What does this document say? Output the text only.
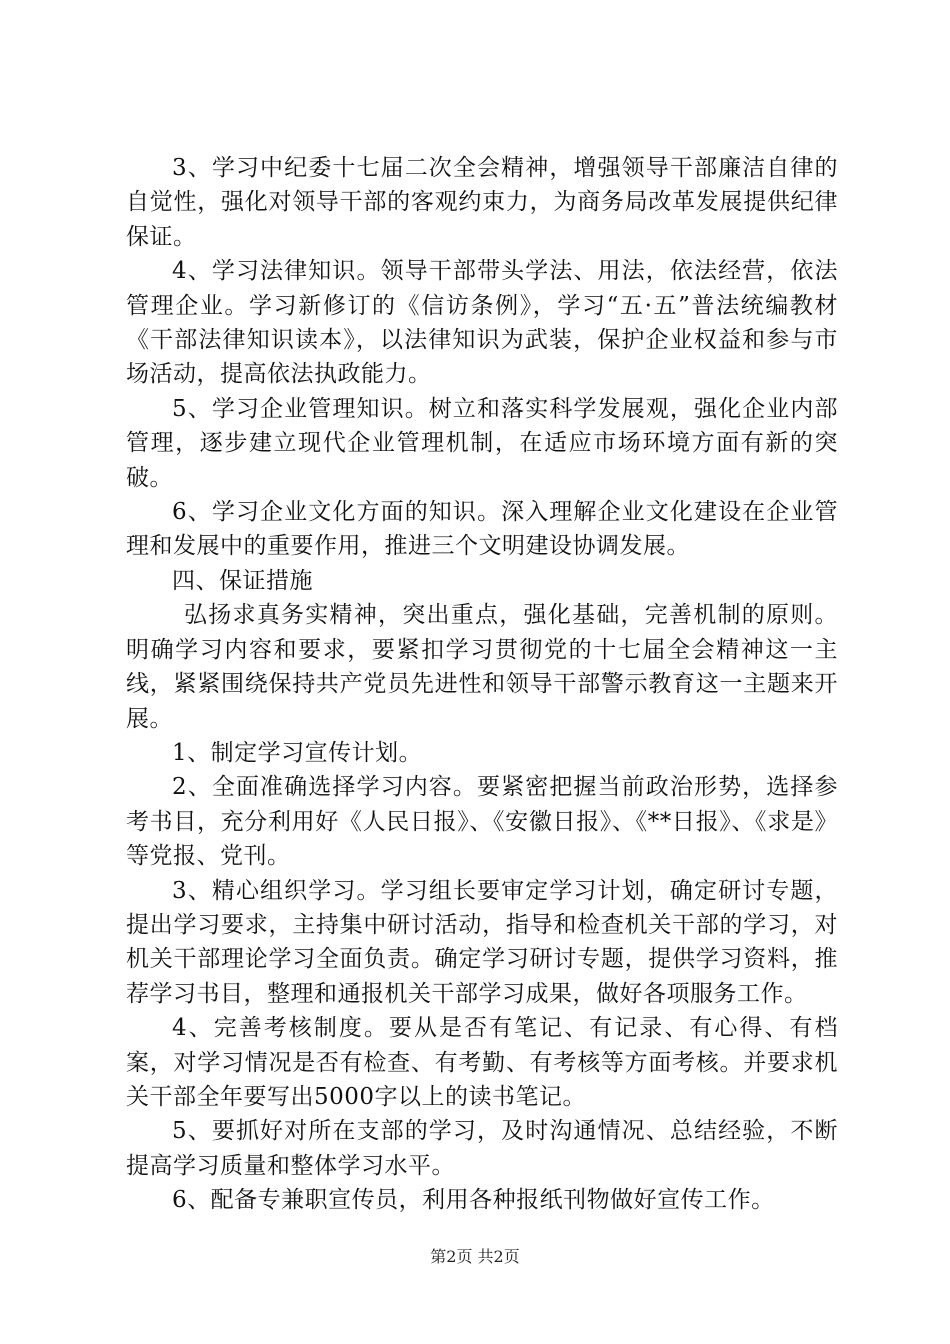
3、学习中纪委十七届二次全会精神，增强领导干部廉洁自律的自觉性，强化对领导干部的客观约束力，为商务局改革发展提供纪律保证。

4、学习法律知识。领导干部带头学法、用法，依法经营，依法管理企业。学习新修订的《信访条例》，学习“五·五”普法统编教材《干部法律知识读本》，以法律知识为武装，保护企业权益和参与市场活动，提高依法执政能力。

5、学习企业管理知识。树立和落实科学发展观，强化企业内部管理，逐步建立现代企业管理机制，在适应市场环境方面有新的突破。

6、学习企业文化方面的知识。深入理解企业文化建设在企业管理和发展中的重要作用，推进三个文明建设协调发展。

四、保证措施

弘扬求真务实精神，突出重点，强化基础，完善机制的原则。明确学习内容和要求，要紧扣学习贯彻党的十七届全会精神这一主线，紧紧围绕保持共产党员先进性和领导干部警示教育这一主题来开展。

1、制定学习宣传计划。

2、全面准确选择学习内容。要紧密把握当前政治形势，选择参考书目，充分利用好《人民日报》、《安徽日报》、《**日报》、《求是》等党报、党刊。

3、精心组织学习。学习组长要审定学习计划，确定研讨专题，提出学习要求，主持集中研讨活动，指导和检查机关干部的学习，对机关干部理论学习全面负责。确定学习研讨专题，提供学习资料，推荐学习书目，整理和通报机关干部学习成果，做好各项服务工作。

4、完善考核制度。要从是否有笔记、有记录、有心得、有档案，对学习情况是否有检查、有考勤、有考核等方面考核。并要求机关干部全年要写出5000字以上的读书笔记。

5、要抓好对所在支部的学习，及时沟通情况、总结经验，不断提高学习质量和整体学习水平。

6、配备专兼职宣传员，利用各种报纸刊物做好宣传工作。

第2页 共2页
